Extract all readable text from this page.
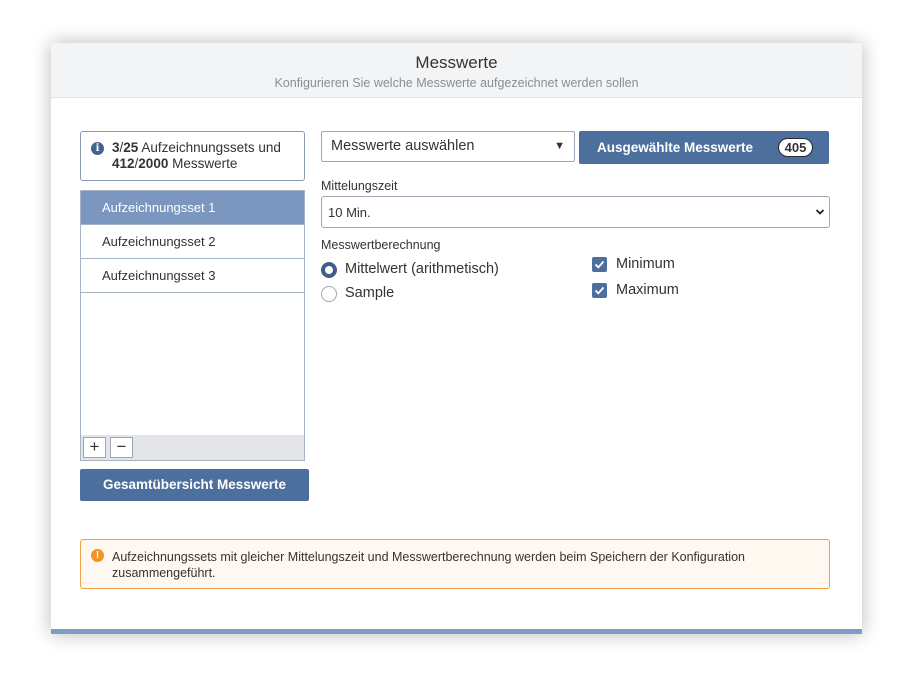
Messwerte
Konfigurieren Sie welche Messwerte aufgezeichnet werden sollen
i 3/25 Aufzeichnungssets und
412/2000 Messwerte
Aufzeichnungsset 1
Aufzeichnungsset 2
Aufzeichnungsset 3
+	−
Gesamtübersicht Messwerte
Messwerte auswählen	▼	Ausgewählte Messwerte	405
Mittelungszeit
10 Min.
Messwertberechnung
Mittelwert (arithmetisch)
Sample
Minimum
Maximum
!	Aufzeichnungssets mit gleicher Mittelungszeit und Messwertberechnung werden beim Speichern der Konfiguration zusammengeführt.
